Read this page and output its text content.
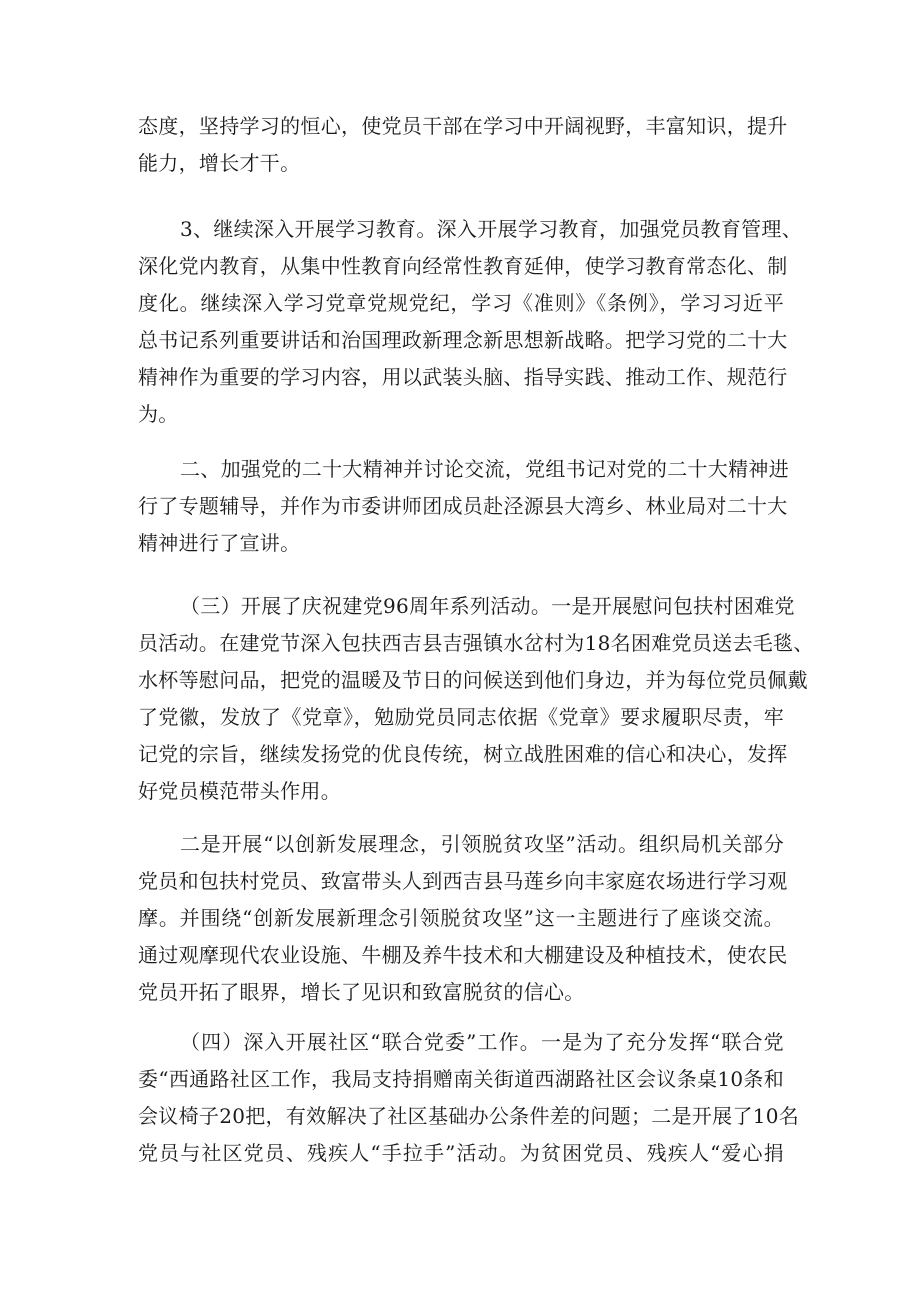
态度，坚持学习的恒心，使党员干部在学习中开阔视野，丰富知识，提升
能力，增长才干。
3、继续深入开展学习教育。深入开展学习教育，加强党员教育管理、
深化党内教育，从集中性教育向经常性教育延伸，使学习教育常态化、制
度化。继续深入学习党章党规党纪，学习《准则》《条例》，学习习近平
总书记系列重要讲话和治国理政新理念新思想新战略。把学习党的二十大
精神作为重要的学习内容，用以武装头脑、指导实践、推动工作、规范行
为。
二、加强党的二十大精神并讨论交流，党组书记对党的二十大精神进
行了专题辅导，并作为市委讲师团成员赴泾源县大湾乡、林业局对二十大
精神进行了宣讲。
（三）开展了庆祝建党96周年系列活动。一是开展慰问包扶村困难党
员活动。在建党节深入包扶西吉县吉强镇水岔村为18名困难党员送去毛毯、
水杯等慰问品，把党的温暖及节日的问候送到他们身边，并为每位党员佩戴
了党徽，发放了《党章》，勉励党员同志依据《党章》要求履职尽责，牢
记党的宗旨，继续发扬党的优良传统，树立战胜困难的信心和决心，发挥
好党员模范带头作用。
二是开展“以创新发展理念，引领脱贫攻坚”活动。组织局机关部分
党员和包扶村党员、致富带头人到西吉县马莲乡向丰家庭农场进行学习观
摩。并围绕“创新发展新理念引领脱贫攻坚”这一主题进行了座谈交流。
通过观摩现代农业设施、牛棚及养牛技术和大棚建设及种植技术，使农民
党员开拓了眼界，增长了见识和致富脱贫的信心。
（四）深入开展社区“联合党委”工作。一是为了充分发挥“联合党
委“西通路社区工作，我局支持捐赠南关街道西湖路社区会议条桌10条和
会议椅子20把，有效解决了社区基础办公条件差的问题；二是开展了10名
党员与社区党员、残疾人“手拉手”活动。为贫困党员、残疾人“爱心捐
